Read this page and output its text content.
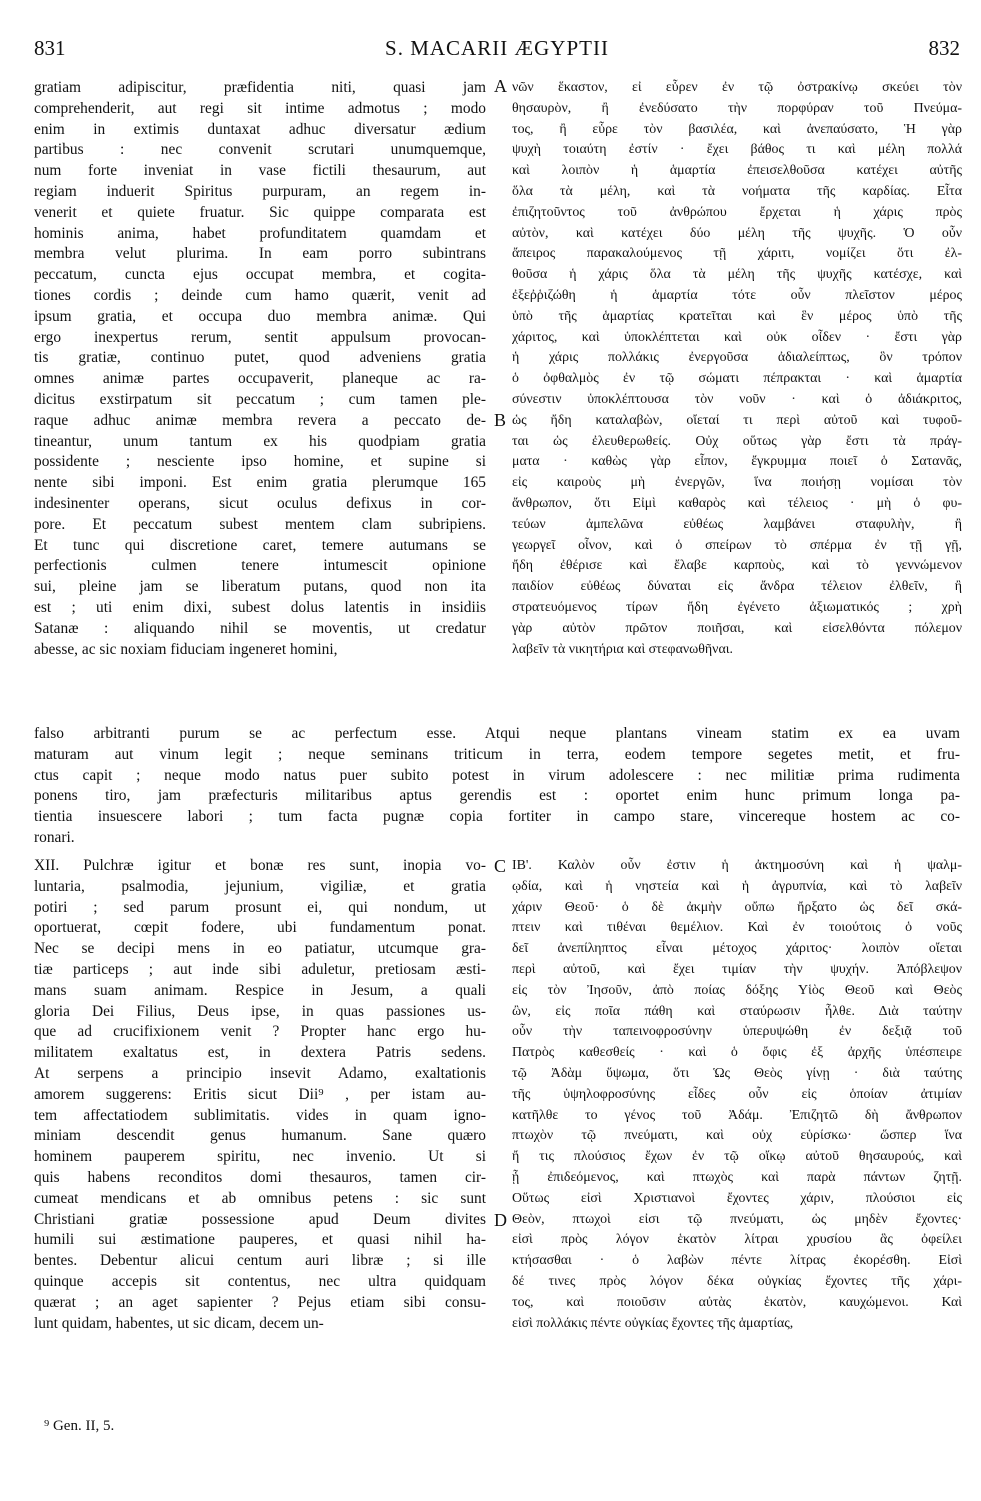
831	S. MACARII ÆGYPTII	832
gratiam adipiscitur, præfidentia niti, quasi jam
comprehenderit, aut regi sit intime admotus ; modo
enim in extimis duntaxat adhuc diversatur ædium
partibus : nec convenit scrutari unumquemque,
num forte inveniat in vase fictili thesaurum, aut
regiam induerit Spiritus purpuram, an regem in-
venerit et quiete fruatur. Sic quippe comparata est
hominis anima, habet profunditatem quamdam et
membra velut plurima. In eam porro subintrans
peccatum, cuncta ejus occupat membra, et cogita-
tiones cordis ; deinde cum hamo quærit, venit ad
ipsum gratia, et occupa duo membra animæ. Qui
ergo inexpertus rerum, sentit appulsum provocan-
tis gratiæ, continuo putet, quod adveniens gratia
omnes animæ partes occupaverit, planeque ac ra-
dicitus exstirpatum sit peccatum ; cum tamen ple-
raque adhuc animæ membra revera a peccato de-
tineantur, unum tantum ex his quodpiam gratia
possidente ; nesciente ipso homine, et supine si
nente sibi imponi. Est enim gratia plerumque 165
indesinenter operans, sicut oculus defixus in cor-
pore. Et peccatum subest mentem clam subripiens.
Et tunc qui discretione caret, temere autumans se
perfectionis culmen tenere intumescit opinione
sui, pleine jam se liberatum putans, quod non ita
est ; uti enim dixi, subest dolus latentis in insidiis
Satanæ : aliquando nihil se moventis, ut credatur
abesse, ac sic noxiam fiduciam ingeneret homini,
νῶν ἕκαστον, εἰ εὗρεν ἐν τῷ ὀστρακίνῳ σκεύει τὸν
θησαυρὸν, ἢ ἐνεδύσατο τὴν πορφύραν τοῦ Πνεύμα-
τος, ἢ εὗρε τὸν βασιλέα, καὶ ἀνεπαύσατο, Ἡ γὰρ
ψυχὴ τοιαύτη ἐστίν · ἔχει βάθος τι καὶ μέλη πολλά
καὶ λοιπὸν ἡ ἁμαρτία ἐπεισελθοῦσα κατέχει αὐτῆς
ὅλα τὰ μέλη, καὶ τὰ νοήματα τῆς καρδίας. Εἶτα
ἐπιζητοῦντος τοῦ ἀνθρώπου ἔρχεται ἡ χάρις πρὸς
αὐτὸν, καὶ κατέχει δύο μέλη τῆς ψυχῆς. Ὁ οὖν
ἄπειρος παρακαλούμενος τῇ χάριτι, νομίζει ὅτι ἐλ-
θοῦσα ἡ χάρις ὅλα τὰ μέλη τῆς ψυχῆς κατέσχε, καὶ
ἐξεῤῥιζώθη ἡ ἁμαρτία τότε οὖν πλεῖστον μέρος
ὑπὸ τῆς ἁμαρτίας κρατεῖται καὶ ἓν μέρος ὑπὸ τῆς
χάριτος, καὶ ὑποκλέπτεται καὶ οὐκ οἶδεν · ἔστι γὰρ
ἡ χάρις πολλάκις ἐνεργοῦσα ἀδιαλείπτως, ὃν τρόπον
ὁ ὀφθαλμὸς ἐν τῷ σώματι πέπρακται · καὶ ἁμαρτία
σύνεστιν ὑποκλέπτουσα τὸν νοῦν · καὶ ὁ ἀδιάκριτος,
ὡς ἤδη καταλαβὼν, οἴεταί τι περὶ αὐτοῦ καὶ τυφοῦ-
ται ὡς ἐλευθερωθείς. Οὐχ οὕτως γὰρ ἔστι τὰ πράγ-
ματα · καθὼς γὰρ εἶπον, ἔγκρυμμα ποιεῖ ὁ Σατανᾶς,
εἰς καιροὺς μὴ ἐνεργῶν, ἵνα ποιήσῃ νομίσαι τὸν
ἄνθρωπον, ὅτι Εἰμὶ καθαρὸς καὶ τέλειος · μὴ ὁ φυ-
τεύων ἀμπελῶνα εὐθέως λαμβάνει σταφυλὴν, ἢ
γεωργεῖ οἶνον, καὶ ὁ σπείρων τὸ σπέρμα ἐν τῇ γῇ,
ἤδη ἐθέρισε καὶ ἔλαβε καρποὺς, καὶ τὸ γεννώμενον
παιδίον εὐθέως δύναται εἰς ἄνδρα τέλειον ἐλθεῖν, ἢ
στρατευόμενος τίρων ἤδη ἐγένετο ἀξιωματικός ; χρὴ
γὰρ αὐτὸν πρῶτον ποιῆσαι, καὶ εἰσελθόντα πόλεμον
λαβεῖν τὰ νικητήρια καὶ στεφανωθῆναι.
falso arbitranti purum se ac perfectum esse. Atqui neque plantans vineam statim ex ea uvam
maturam aut vinum legit ; neque seminans triticum in terra, eodem tempore segetes metit, et fru-
ctus capit ; neque modo natus puer subito potest in virum adolescere : nec militiæ prima rudimenta
ponens tiro, jam præfecturis militaribus aptus gerendis est : oportet enim hunc primum longa pa-
tientia insuescere labori ; tum facta pugnæ copia fortiter in campo stare, vincereque hostem ac co-
ronari.
XII. Pulchræ igitur et bonæ res sunt, inopia vo-
luntaria, psalmodia, jejunium, vigiliæ, et gratia
potiri ; sed parum prosunt ei, qui nondum, ut
oportuerat, cœpit fodere, ubi fundamentum ponat.
Nec se decipi mens in eo patiatur, utcumque gra-
tiæ particeps ; aut inde sibi aduletur, pretiosam æsti-
mans suam animam. Respice in Jesum, a quali
gloria Dei Filius, Deus ipse, in quas passiones us-
que ad crucifixionem venit ? Propter hanc ergo hu-
militatem exaltatus est, in dextera Patris sedens.
At serpens a principio insevit Adamo, exaltationis
amorem suggerens: Eritis sicut Dii⁹ , per istam au-
tem affectatiodem sublimitatis. vides in quam igno-
miniam descendit genus humanum. Sane quæro
hominem pauperem spiritu, nec invenio. Ut si
quis habens reconditos domi thesauros, tamen cir-
cumeat mendicans et ab omnibus petens : sic sunt
Christiani gratiæ possessione apud Deum divites
humili sui æstimatione pauperes, et quasi nihil ha-
bentes. Debentur alicui centum auri libræ ; si ille
quinque accepis sit contentus, nec ultra quidquam
quærat ; an aget sapienter ? Pejus etiam sibi consu-
lunt quidam, habentes, ut sic dicam, decem un-
ΙΒ'. Καλὸν οὖν ἐστιν ἡ ἀκτημοσύνη καὶ ἡ ψαλμ-
ῳδία, καὶ ἡ νηστεία καὶ ἡ ἀγρυπνία, καὶ τὸ λαβεῖν
χάριν Θεοῦ· ὁ δὲ ἀκμὴν οὔπω ἤρξατο ὡς δεῖ σκά-
πτειν καὶ τιθέναι θεμέλιον. Καὶ ἐν τοιούτοις ὁ νοῦς
δεῖ ἀνεπίληπτος εἶναι μέτοχος χάριτος· λοιπὸν οἴεται
περὶ αὐτοῦ, καὶ ἔχει τιμίαν τὴν ψυχήν. Ἀπόβλεψον
εἰς τὸν Ἰησοῦν, ἀπὸ ποίας δόξης Υἱὸς Θεοῦ καὶ Θεὸς
ὢν, εἰς ποῖα πάθη καὶ σταύρωσιν ἦλθε. Διὰ ταύτην
οὖν τὴν ταπεινοφροσύνην ὑπερυψώθη ἐν δεξιᾷ τοῦ
Πατρὸς καθεσθείς · καὶ ὁ ὄφις ἐξ ἀρχῆς ὑπέσπειρε
τῷ Ἀδὰμ ὕψωμα, ὅτι Ὡς Θεὸς γίνῃ · διὰ ταύτης
τῆς ὑψηλοφροσύνης εἶδες οὖν εἰς ὁποίαν ἀτιμίαν
κατῆλθε το γένος τοῦ Ἀδάμ. Ἐπιζητῶ δὴ ἄνθρωπον
πτωχὸν τῷ πνεύματι, καὶ οὐχ εὑρίσκω· ὥσπερ ἵνα
ἤ τις πλούσιος ἔχων ἐν τῷ οἴκῳ αὐτοῦ θησαυρούς, καὶ
ᾖ ἐπιδεόμενος, καὶ πτωχὸς καὶ παρὰ πάντων ζητῇ.
Οὕτως εἰσὶ Χριστιανοὶ ἔχοντες χάριν, πλούσιοι εἰς
Θεὸν, πτωχοὶ εἰσι τῷ πνεύματι, ὡς μηδὲν ἔχοντες·
εἰσὶ πρὸς λόγον ἑκατὸν λίτραι χρυσίου ἃς ὀφείλει
κτήσασθαι · ὁ λαβὼν πέντε λίτρας ἐκορέσθη. Εἰσὶ
δέ τινες πρὸς λόγον δέκα οὐγκίας ἔχοντες τῆς χάρι-
τος, καὶ ποιοῦσιν αὐτὰς ἑκατὸν, καυχώμενοι. Καὶ
εἰσὶ πολλάκις πέντε οὐγκίας ἔχοντες τῆς ἁμαρτίας,
A
B
C
D
⁹ Gen. II, 5.
